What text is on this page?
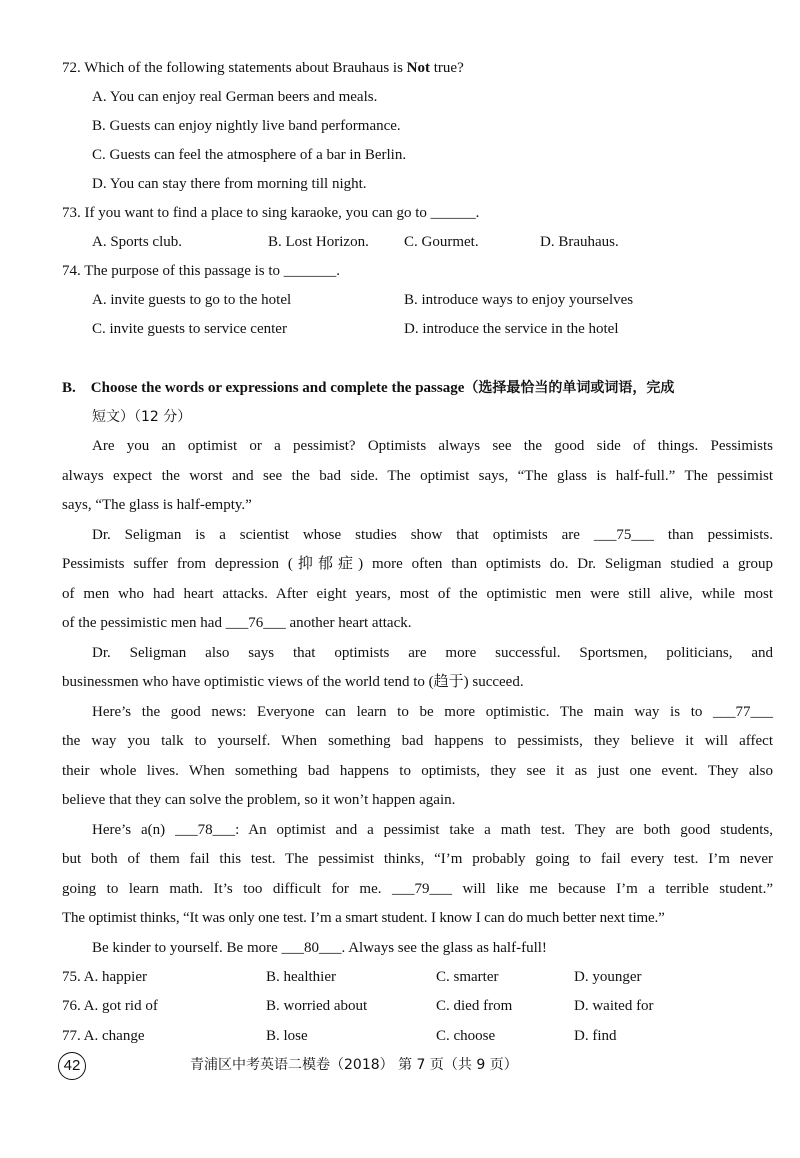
72. Which of the following statements about Brauhaus is Not true?
A. You can enjoy real German beers and meals.
B. Guests can enjoy nightly live band performance.
C. Guests can feel the atmosphere of a bar in Berlin.
D. You can stay there from morning till night.
73. If you want to find a place to sing karaoke, you can go to ______.
A. Sports club.	B. Lost Horizon. C. Gourmet.	D. Brauhaus.
74. The purpose of this passage is to _______.
A. invite guests to go to the hotel	B. introduce ways to enjoy yourselves
C. invite guests to service center	D. introduce the service in the hotel
B. Choose the words or expressions and complete the passage（选择最恰当的单词或词语，完成
短文）（12 分）
Are you an optimist or a pessimist? Optimists always see the good side of things. Pessimists
always expect the worst and see the bad side. The optimist says, “The glass is half-full.” The pessimist
says, “The glass is half-empty.”
Dr. Seligman is a scientist whose studies show that optimists are ___75___ than pessimists.
Pessimists suffer from depression (抑郁症) more often than optimists do. Dr. Seligman studied a group
of men who had heart attacks. After eight years, most of the optimistic men were still alive, while most
of the pessimistic men had ___76___ another heart attack.
Dr. Seligman also says that optimists are more successful. Sportsmen, politicians, and
businessmen who have optimistic views of the world tend to (趋于) succeed.
Here’s the good news: Everyone can learn to be more optimistic. The main way is to ___77___
the way you talk to yourself. When something bad happens to pessimists, they believe it will affect
their whole lives. When something bad happens to optimists, they see it as just one event. They also
believe that they can solve the problem, so it won’t happen again.
Here’s a(n) ___78___: An optimist and a pessimist take a math test. They are both good students,
but both of them fail this test. The pessimist thinks, “I’m probably going to fail every test. I’m never
going to learn math. It’s too difficult for me. ___79___ will like me because I’m a terrible student.”
The optimist thinks, “It was only one test. I’m a smart student. I know I can do much better next time.”
Be kinder to yourself. Be more ___80___. Always see the glass as half-full!
75. A. happier	B. healthier	C. smarter	D. younger
76. A. got rid of	B. worried about	C. died from	D. waited for
77. A. change	B. lose	C. choose	D. find
42	青浦区中考英语二模卷（2018） 第 7 页（共 9 页）
